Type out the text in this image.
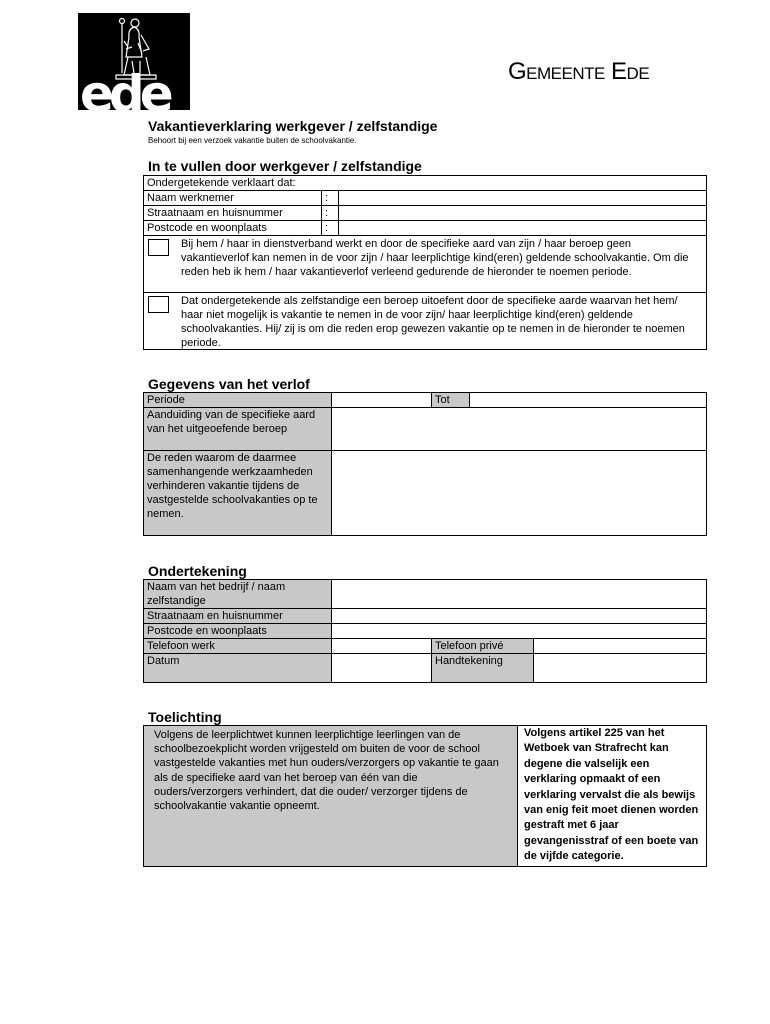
ede	GEMEENTE EDE
Vakantieverklaring werkgever / zelfstandige
Behoort bij een verzoek vakantie buiten de schoolvakantie.
In te vullen door werkgever / zelfstandige
Ondergetekende verklaart dat:		
Naam werknemer	:	
Straatnaam en huisnummer	:	
Postcode en woonplaats	:	

Bij hem / haar in dienstverband werkt en door de specifieke aard van zijn / haar beroep geen vakantieverlof kan nemen in de voor zijn / haar leerplichtige kind(eren) geldende schoolvakantie. Om die reden heb ik hem / haar vakantieverlof verleend gedurende de hieronder te noemen periode.		

Dat ondergetekende als zelfstandige een beroep uitoefent door de specifieke aarde waarvan het hem/ haar niet mogelijk is vakantie te nemen in de voor zijn/ haar leerplichtige kind(eren) geldende schoolvakanties. Hij/ zij is om die reden erop gewezen vakantie op te nemen in de hieronder te noemen periode.		
Gegevens van het verlof
Periode		Tot	
Aanduiding van de specifieke aard van het uitgeoefende beroep			
De reden waarom de daarmee samenhangende werkzaamheden verhinderen vakantie tijdens de vastgestelde schoolvakanties op te nemen.			
Ondertekening
Naam van het bedrijf / naam zelfstandige			
Straatnaam en huisnummer			
Postcode en woonplaats			
Telefoon werk		Telefoon privé	
Datum		Handtekening	
Toelichting
Volgens de leerplichtwet kunnen leerplichtige leerlingen van de schoolbezoekplicht worden vrijgesteld om buiten de voor de school vastgestelde vakanties met hun ouders/verzorgers op vakantie te gaan als de specifieke aard van het beroep van één van die ouders/verzorgers verhindert, dat die ouder/ verzorger tijdens de schoolvakantie vakantie opneemt.	Volgens artikel 225 van het Wetboek van Strafrecht kan degene die valselijk een verklaring opmaakt of een verklaring vervalst die als bewijs van enig feit moet dienen worden gestraft met 6 jaar gevangenisstraf of een boete van de vijfde categorie.
